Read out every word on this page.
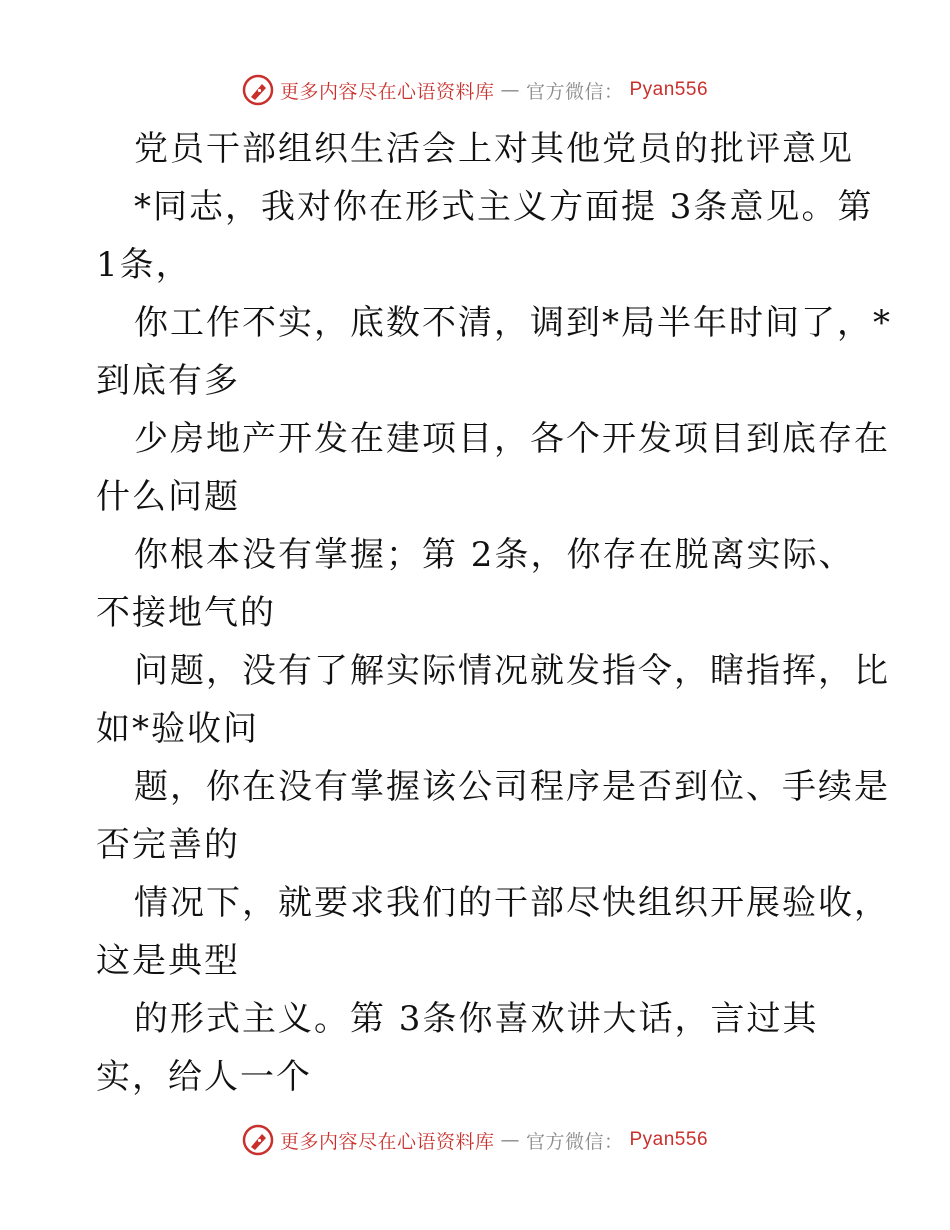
更多内容尽在心语资料库 — 官方微信： Pyan556
党员干部组织生活会上对其他党员的批评意见
*同志，我对你在形式主义方面提 3条意见。第
1条，
你工作不实，底数不清，调到*局半年时间了，*
到底有多
少房地产开发在建项目，各个开发项目到底存在
什么问题
你根本没有掌握；第 2条，你存在脱离实际、
不接地气的
问题，没有了解实际情况就发指令，瞎指挥，比
如*验收问
题，你在没有掌握该公司程序是否到位、手续是
否完善的
情况下，就要求我们的干部尽快组织开展验收，
这是典型
的形式主义。第 3条你喜欢讲大话，言过其
实，给人一个
更多内容尽在心语资料库 — 官方微信： Pyan556
